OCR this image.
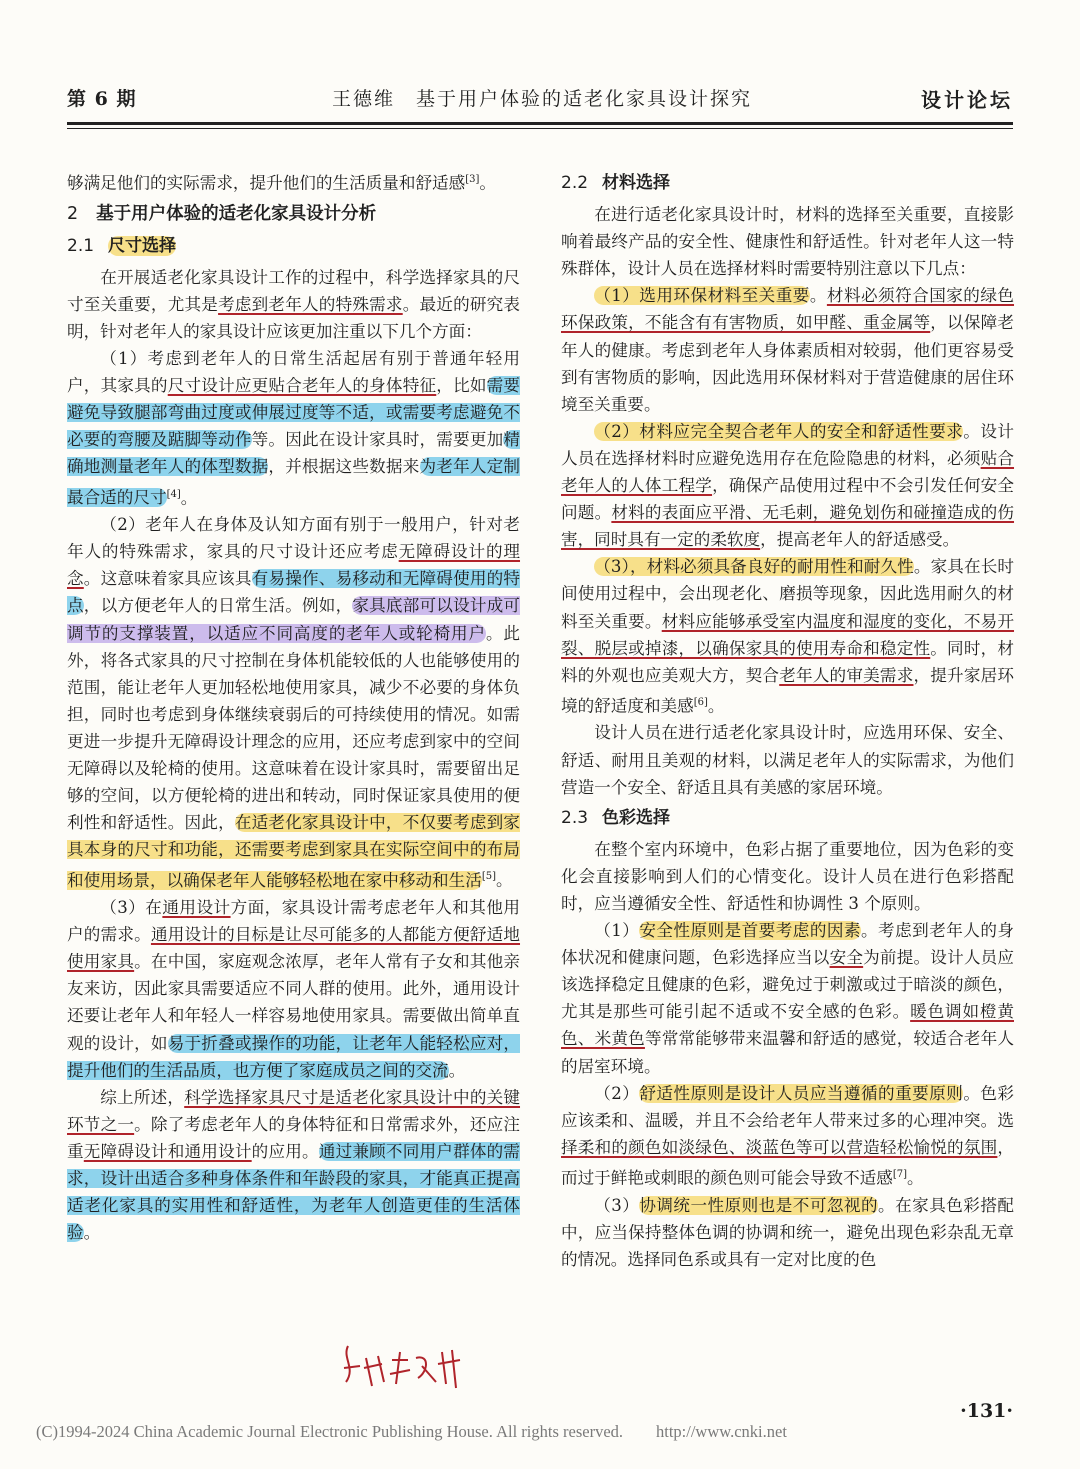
第 6 期	王德维　基于用户体验的适老化家具设计探究	设计论坛

够满足他们的实际需求，提升他们的生活质量和舒适感[3]。

2 基于用户体验的适老化家具设计分析
2.1 尺寸选择

在开展适老化家具设计工作的过程中，科学选择家具的尺寸至关重要，尤其是考虑到老年人的特殊需求。最近的研究表明，针对老年人的家具设计应该更加注重以下几个方面：

（1）考虑到老年人的日常生活起居有别于普通年轻用户，其家具的尺寸设计应更贴合老年人的身体特征，比如需要避免导致腿部弯曲过度或伸展过度等不适，或需要考虑避免不必要的弯腰及踮脚等动作等。因此在设计家具时，需要更加精确地测量老年人的体型数据，并根据这些数据来为老年人定制最合适的尺寸[4]。

（2）老年人在身体及认知方面有别于一般用户，针对老年人的特殊需求，家具的尺寸设计还应考虑无障碍设计的理念。这意味着家具应该具有易操作、易移动和无障碍使用的特点，以方便老年人的日常生活。例如，家具底部可以设计成可调节的支撑装置，以适应不同高度的老年人或轮椅用户。此外，将各式家具的尺寸控制在身体机能较低的人也能够使用的范围，能让老年人更加轻松地使用家具，减少不必要的身体负担，同时也考虑到身体继续衰弱后的可持续使用的情况。如需更进一步提升无障碍设计理念的应用，还应考虑到家中的空间无障碍以及轮椅的使用。这意味着在设计家具时，需要留出足够的空间，以方便轮椅的进出和转动，同时保证家具使用的便利性和舒适性。因此，在适老化家具设计中，不仅要考虑到家具本身的尺寸和功能，还需要考虑到家具在实际空间中的布局和使用场景，以确保老年人能够轻松地在家中移动和生活[5]。

（3）在通用设计方面，家具设计需考虑老年人和其他用户的需求。通用设计的目标是让尽可能多的人都能方便舒适地使用家具。在中国，家庭观念浓厚，老年人常有子女和其他亲友来访，因此家具需要适应不同人群的使用。此外，通用设计还要让老年人和年轻人一样容易地使用家具。需要做出简单直观的设计，如易于折叠或操作的功能，让老年人能轻松应对，提升他们的生活品质，也方便了家庭成员之间的交流。

综上所述，科学选择家具尺寸是适老化家具设计中的关键环节之一。除了考虑老年人的身体特征和日常需求外，还应注重无障碍设计和通用设计的应用。通过兼顾不同用户群体的需求，设计出适合多种身体条件和年龄段的家具，才能真正提高适老化家具的实用性和舒适性，为老年人创造更佳的生活体验。

2.2 材料选择

在进行适老化家具设计时，材料的选择至关重要，直接影响着最终产品的安全性、健康性和舒适性。针对老年人这一特殊群体，设计人员在选择材料时需要特别注意以下几点：

（1）选用环保材料至关重要。材料必须符合国家的绿色环保政策，不能含有有害物质，如甲醛、重金属等，以保障老年人的健康。考虑到老年人身体素质相对较弱，他们更容易受到有害物质的影响，因此选用环保材料对于营造健康的居住环境至关重要。

（2）材料应完全契合老年人的安全和舒适性要求。设计人员在选择材料时应避免选用存在危险隐患的材料，必须贴合老年人的人体工程学，确保产品使用过程中不会引发任何安全问题。材料的表面应平滑、无毛刺，避免划伤和碰撞造成的伤害，同时具有一定的柔软度，提高老年人的舒适感受。

（3），材料必须具备良好的耐用性和耐久性。家具在长时间使用过程中，会出现老化、磨损等现象，因此选用耐久的材料至关重要。材料应能够承受室内温度和湿度的变化，不易开裂、脱层或掉漆，以确保家具的使用寿命和稳定性。同时，材料的外观也应美观大方，契合老年人的审美需求，提升家居环境的舒适度和美感[6]。

设计人员在进行适老化家具设计时，应选用环保、安全、舒适、耐用且美观的材料，以满足老年人的实际需求，为他们营造一个安全、舒适且具有美感的家居环境。

2.3 色彩选择

在整个室内环境中，色彩占据了重要地位，因为色彩的变化会直接影响到人们的心情变化。设计人员在进行色彩搭配时，应当遵循安全性、舒适性和协调性 3 个原则。

（1）安全性原则是首要考虑的因素。考虑到老年人的身体状况和健康问题，色彩选择应当以安全为前提。设计人员应该选择稳定且健康的色彩，避免过于刺激或过于暗淡的颜色，尤其是那些可能引起不适或不安全感的色彩。暖色调如橙黄色、米黄色等常常能够带来温馨和舒适的感觉，较适合老年人的居室环境。

（2）舒适性原则是设计人员应当遵循的重要原则。色彩应该柔和、温暖，并且不会给老年人带来过多的心理冲突。选择柔和的颜色如淡绿色、淡蓝色等可以营造轻松愉悦的氛围，而过于鲜艳或刺眼的颜色则可能会导致不适感[7]。

（3）协调统一性原则也是不可忽视的。在家具色彩搭配中，应当保持整体色调的协调和统一，避免出现色彩杂乱无章的情况。选择同色系或具有一定对比度的色

·131·
(C)1994-2024 China Academic Journal Electronic Publishing House. All rights reserved.　　http://www.cnki.net
